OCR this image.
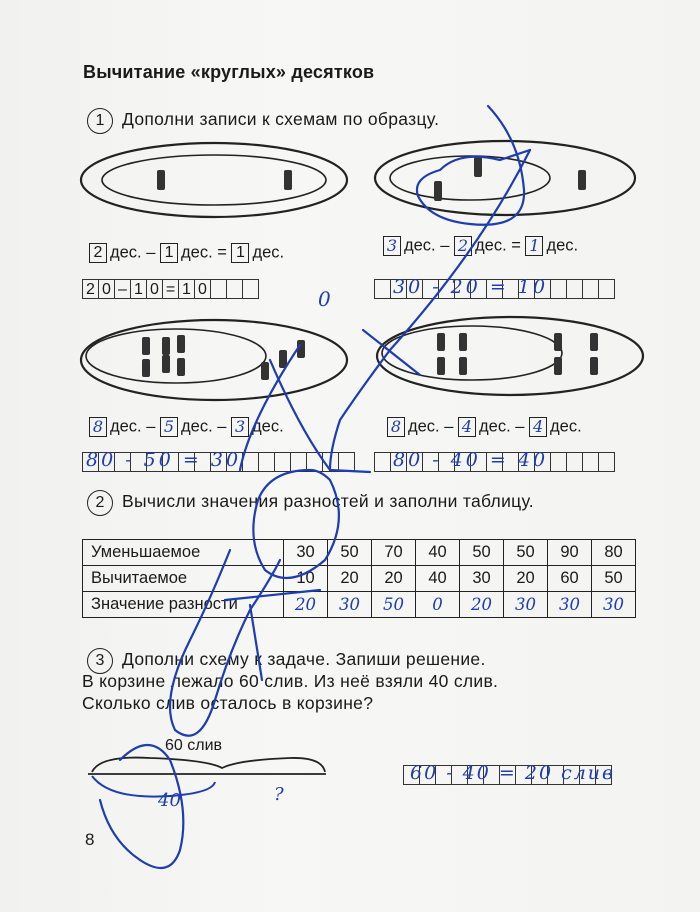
Вычитание «круглых» десятков
1	Дополни записи к схемам по образцу.
2 дес. – 1 дес. = 1 дес.	3 дес. – 2 дес. = 1 дес.
2 0 – 1 0 = 1 0	30 - 20 = 10
8 дес. – 5 дес. – 3 дес.	8 дес. – 4 дес. – 4 дес.
80 - 50 = 30	80 - 40 = 40
2	Вычисли значения разностей и заполни таблицу.
Уменьшаемое	30	50	70	40	50	50	90	80
Вычитаемое	10	20	20	40	30	20	60	50
Значение разности	20	30	50	0	20	30	30	30
3	Дополни схему к задаче. Запиши решение.
В корзине лежало 60 слив. Из неё взяли 40 слив.
Сколько слив осталось в корзине?
60 слив
40	?
60 - 40 = 20 слив
8
0
